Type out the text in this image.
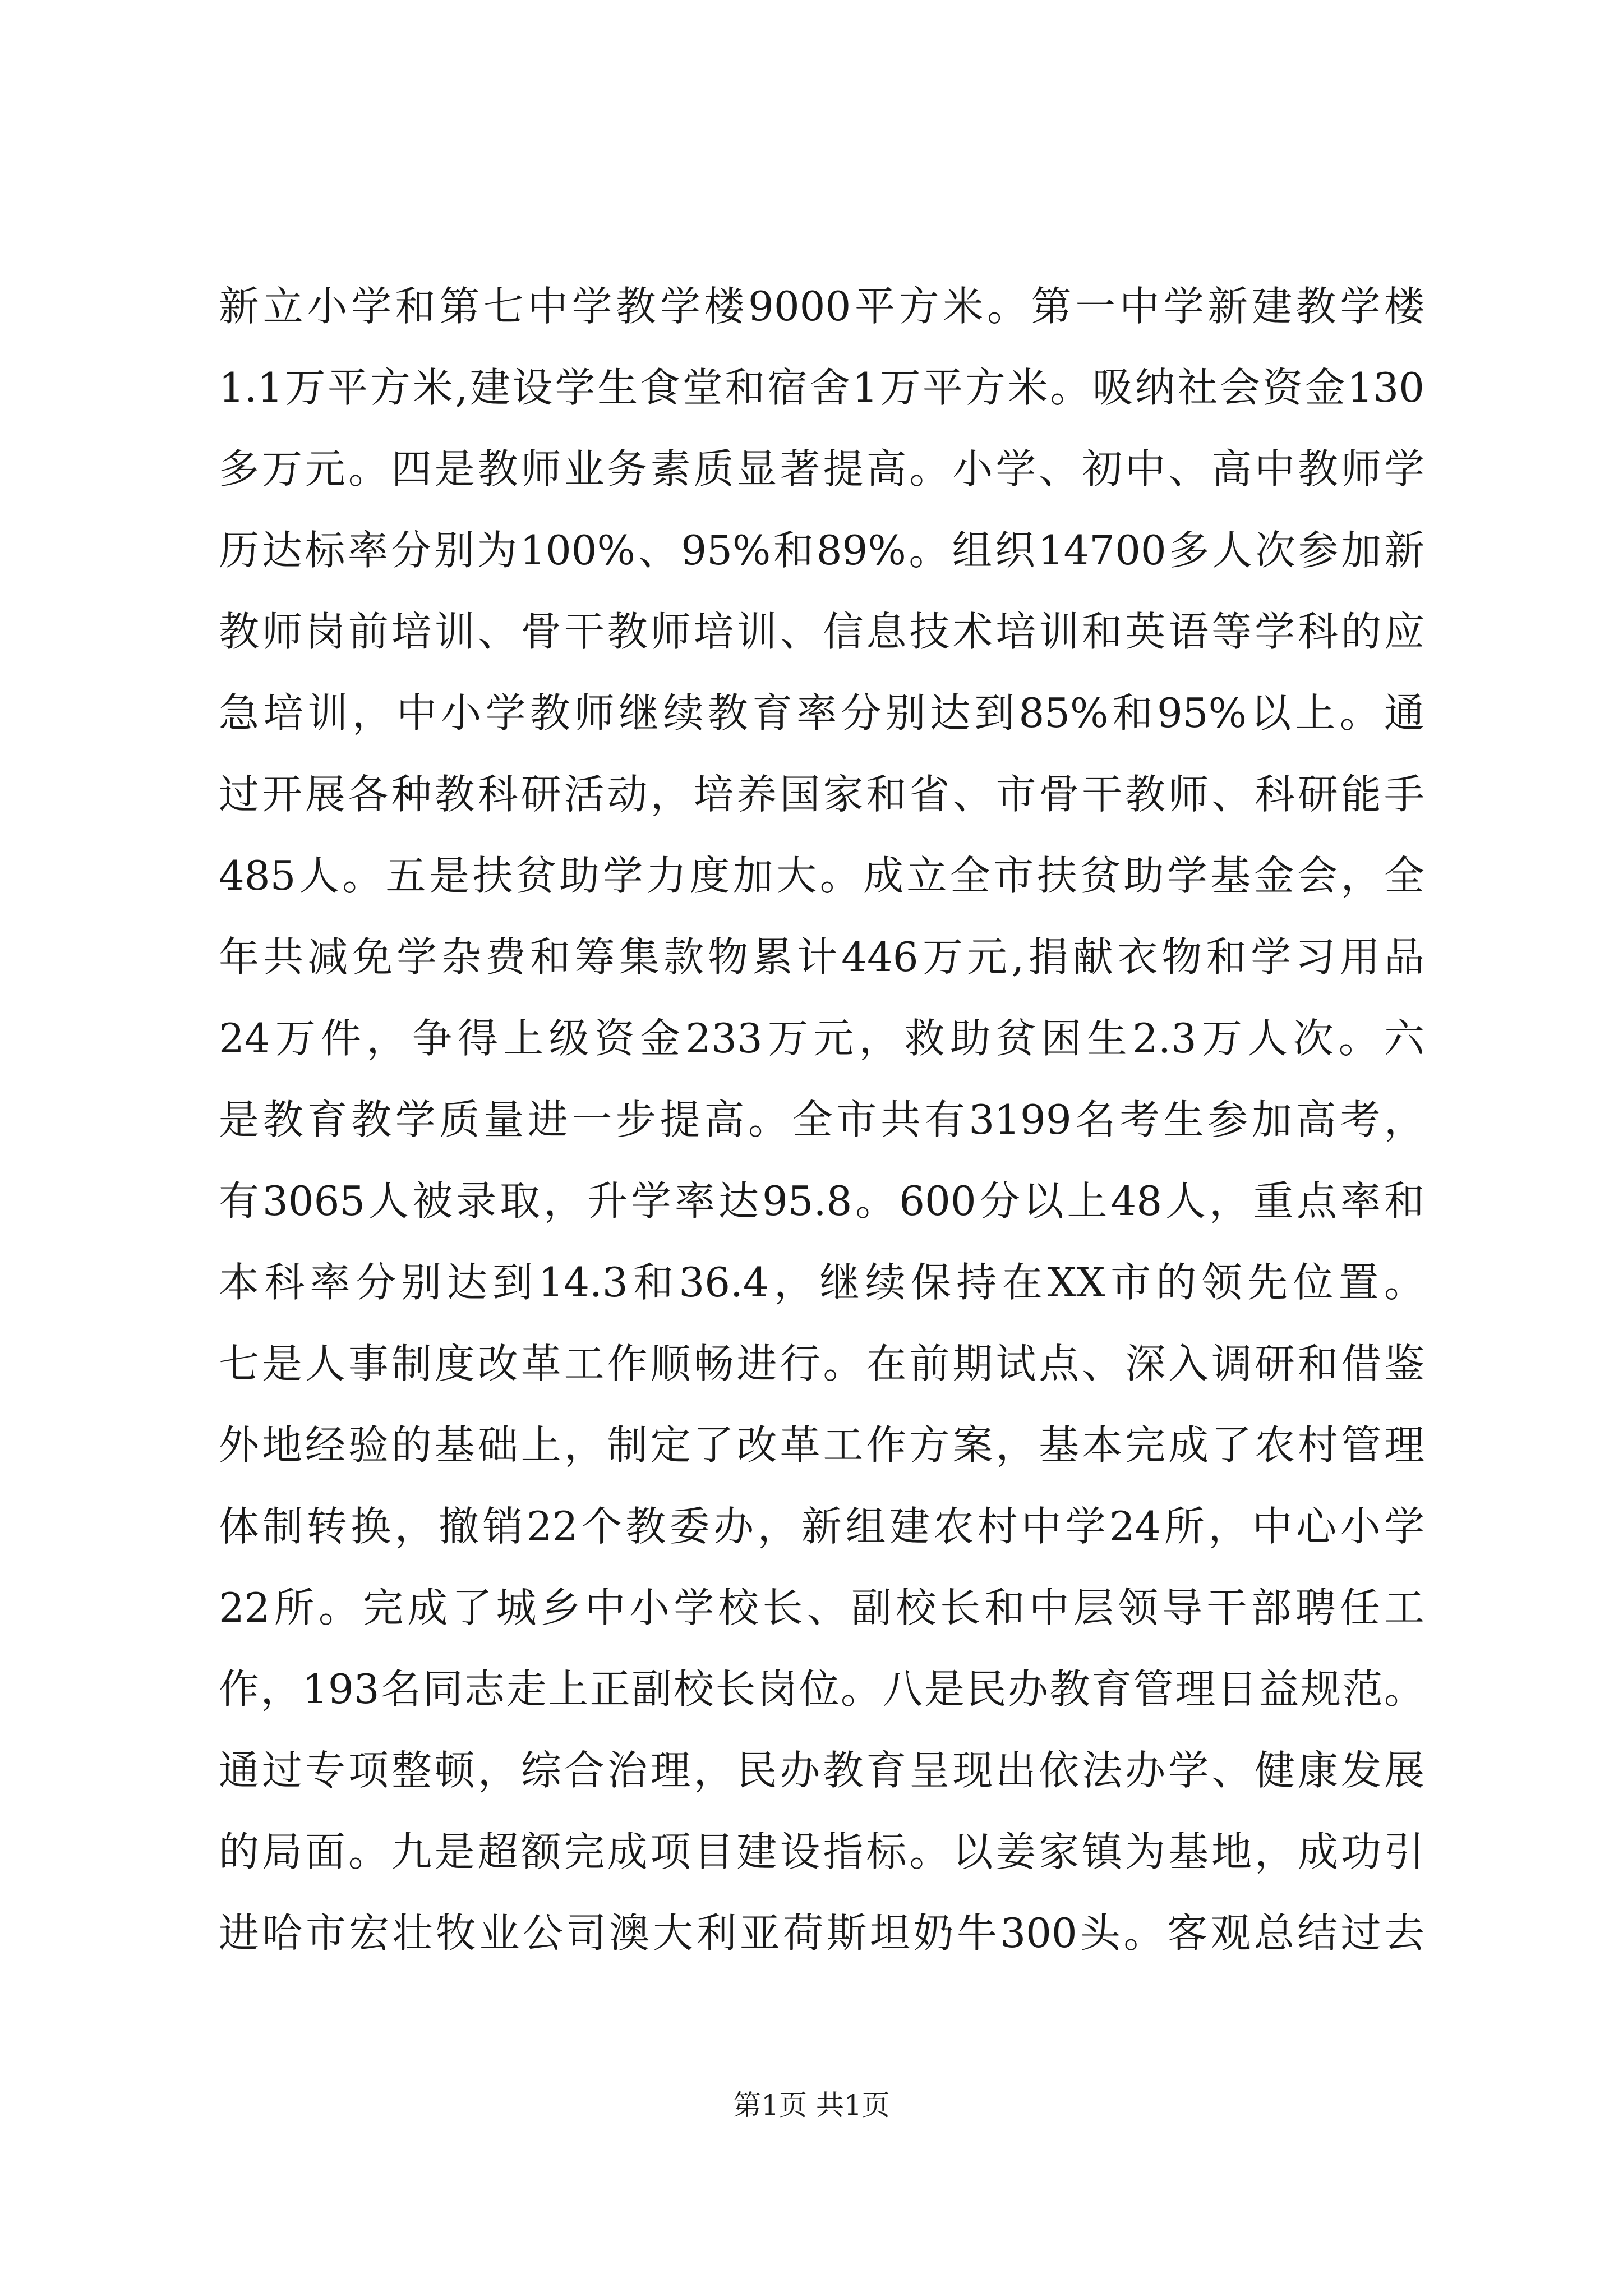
新立小学和第七中学教学楼9000平方米。第一中学新建教学楼
1.1万平方米,建设学生食堂和宿舍1万平方米。吸纳社会资金130
多万元。四是教师业务素质显著提高。小学、初中、高中教师学
历达标率分别为100%、95%和89%。组织14700多人次参加新
教师岗前培训、骨干教师培训、信息技术培训和英语等学科的应
急培训，中小学教师继续教育率分别达到85%和95%以上。通
过开展各种教科研活动，培养国家和省、市骨干教师、科研能手
485人。五是扶贫助学力度加大。成立全市扶贫助学基金会，全
年共减免学杂费和筹集款物累计446万元,捐献衣物和学习用品
24万件，争得上级资金233万元，救助贫困生2.3万人次。六
是教育教学质量进一步提高。全市共有3199名考生参加高考，
有3065人被录取，升学率达95.8。600分以上48人，重点率和
本科率分别达到14.3和36.4，继续保持在XX市的领先位置。
七是人事制度改革工作顺畅进行。在前期试点、深入调研和借鉴
外地经验的基础上，制定了改革工作方案，基本完成了农村管理
体制转换，撤销22个教委办，新组建农村中学24所，中心小学
22所。完成了城乡中小学校长、副校长和中层领导干部聘任工
作，193名同志走上正副校长岗位。八是民办教育管理日益规范。
通过专项整顿，综合治理，民办教育呈现出依法办学、健康发展
的局面。九是超额完成项目建设指标。以姜家镇为基地，成功引
进哈市宏壮牧业公司澳大利亚荷斯坦奶牛300头。客观总结过去
第1页 共1页
